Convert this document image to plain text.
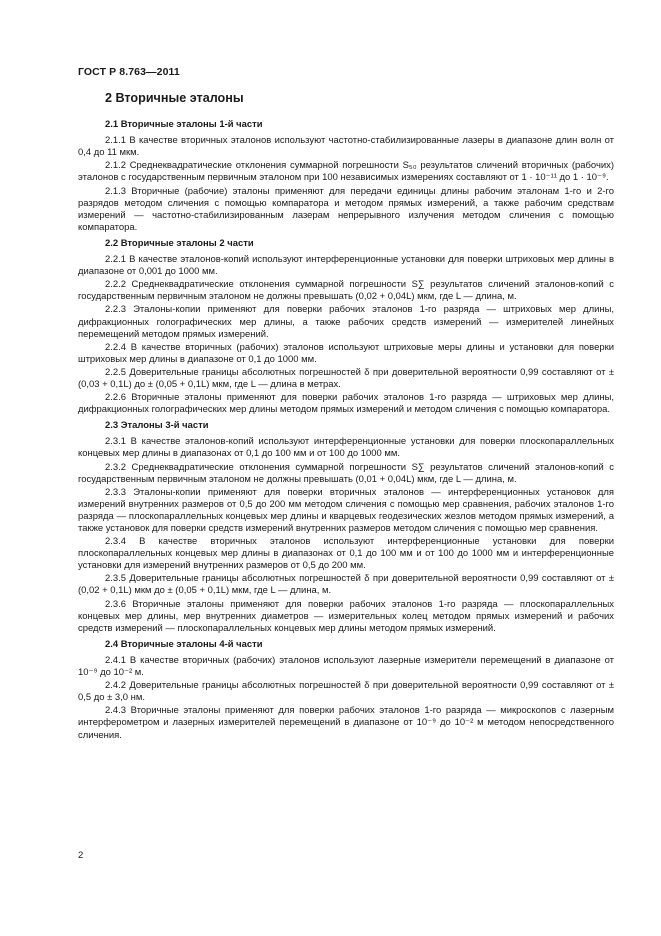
ГОСТ Р 8.763—2011
2 Вторичные эталоны
2.1 Вторичные эталоны 1-й части

2.1.1 В качестве вторичных эталонов используют частотно-стабилизированные лазеры в диапазоне длин волн от 0,4 до 11 мкм.

2.1.2 Среднеквадратические отклонения суммарной погрешности S₅₀ результатов сличений вторичных (рабочих) эталонов с государственным первичным эталоном при 100 независимых измерениях составляют от 1 · 10⁻¹¹ до 1 · 10⁻⁹.

2.1.3 Вторичные (рабочие) эталоны применяют для передачи единицы длины рабочим эталонам 1-го и 2-го разрядов методом сличения с помощью компаратора и методом прямых измерений, а также рабочим средствам измерений — частотно-стабилизированным лазерам непрерывного излучения методом сличения с помощью компаратора.

2.2 Вторичные эталоны 2 части

2.2.1 В качестве эталонов-копий используют интерференционные установки для поверки штриховых мер длины в диапазоне от 0,001 до 1000 мм.

2.2.2 Среднеквадратические отклонения суммарной погрешности S∑ результатов сличений эталонов-копий с государственным первичным эталоном не должны превышать (0,02 + 0,04L) мкм, где L — длина, м.

2.2.3 Эталоны-копии применяют для поверки рабочих эталонов 1-го разряда — штриховых мер длины, дифракционных голографических мер длины, а также рабочих средств измерений — измерителей линейных перемещений методом прямых измерений.

2.2.4 В качестве вторичных (рабочих) эталонов используют штриховые меры длины и установки для поверки штриховых мер длины в диапазоне от 0,1 до 1000 мм.

2.2.5 Доверительные границы абсолютных погрешностей δ при доверительной вероятности 0,99 составляют от ± (0,03 + 0,1L) до ± (0,05 + 0,1L) мкм, где L — длина в метрах.

2.2.6 Вторичные эталоны применяют для поверки рабочих эталонов 1-го разряда — штриховых мер длины, дифракционных голографических мер длины методом прямых измерений и методом сличения с помощью компаратора.

2.3 Эталоны 3-й части

2.3.1 В качестве эталонов-копий используют интерференционные установки для поверки плоскопараллельных концевых мер длины в диапазонах от 0,1 до 100 мм и от 100 до 1000 мм.

2.3.2 Среднеквадратические отклонения суммарной погрешности S∑ результатов сличений эталонов-копий с государственным первичным эталоном не должны превышать (0,01 + 0,04L) мкм, где L — длина, м.

2.3.3 Эталоны-копии применяют для поверки вторичных эталонов — интерференционных установок для измерений внутренних размеров от 0,5 до 200 мм методом сличения с помощью мер сравнения, рабочих эталонов 1-го разряда — плоскопараллельных концевых мер длины и кварцевых геодезических жезлов методом прямых измерений, а также установок для поверки средств измерений внутренних размеров методом сличения с помощью мер сравнения.

2.3.4 В качестве вторичных эталонов используют интерференционные установки для поверки плоскопараллельных концевых мер длины в диапазонах от 0,1 до 100 мм и от 100 до 1000 мм и интерференционные установки для измерений внутренних размеров от 0,5 до 200 мм.

2.3.5 Доверительные границы абсолютных погрешностей δ при доверительной вероятности 0,99 составляют от ± (0,02 + 0,1L) мкм до ± (0,05 + 0,1L) мкм, где L — длина, м.

2.3.6 Вторичные эталоны применяют для поверки рабочих эталонов 1-го разряда — плоскопараллельных концевых мер длины, мер внутренних диаметров — измерительных колец методом прямых измерений и рабочих средств измерений — плоскопараллельных концевых мер длины методом прямых измерений.

2.4 Вторичные эталоны 4-й части

2.4.1 В качестве вторичных (рабочих) эталонов используют лазерные измерители перемещений в диапазоне от 10⁻⁹ до 10⁻² м.

2.4.2 Доверительные границы абсолютных погрешностей δ при доверительной вероятности 0,99 составляют от ± 0,5 до ± 3,0 нм.

2.4.3 Вторичные эталоны применяют для поверки рабочих эталонов 1-го разряда — микроскопов с лазерным интерферометром и лазерных измерителей перемещений в диапазоне от 10⁻⁹ до 10⁻² м методом непосредственного сличения.

2
